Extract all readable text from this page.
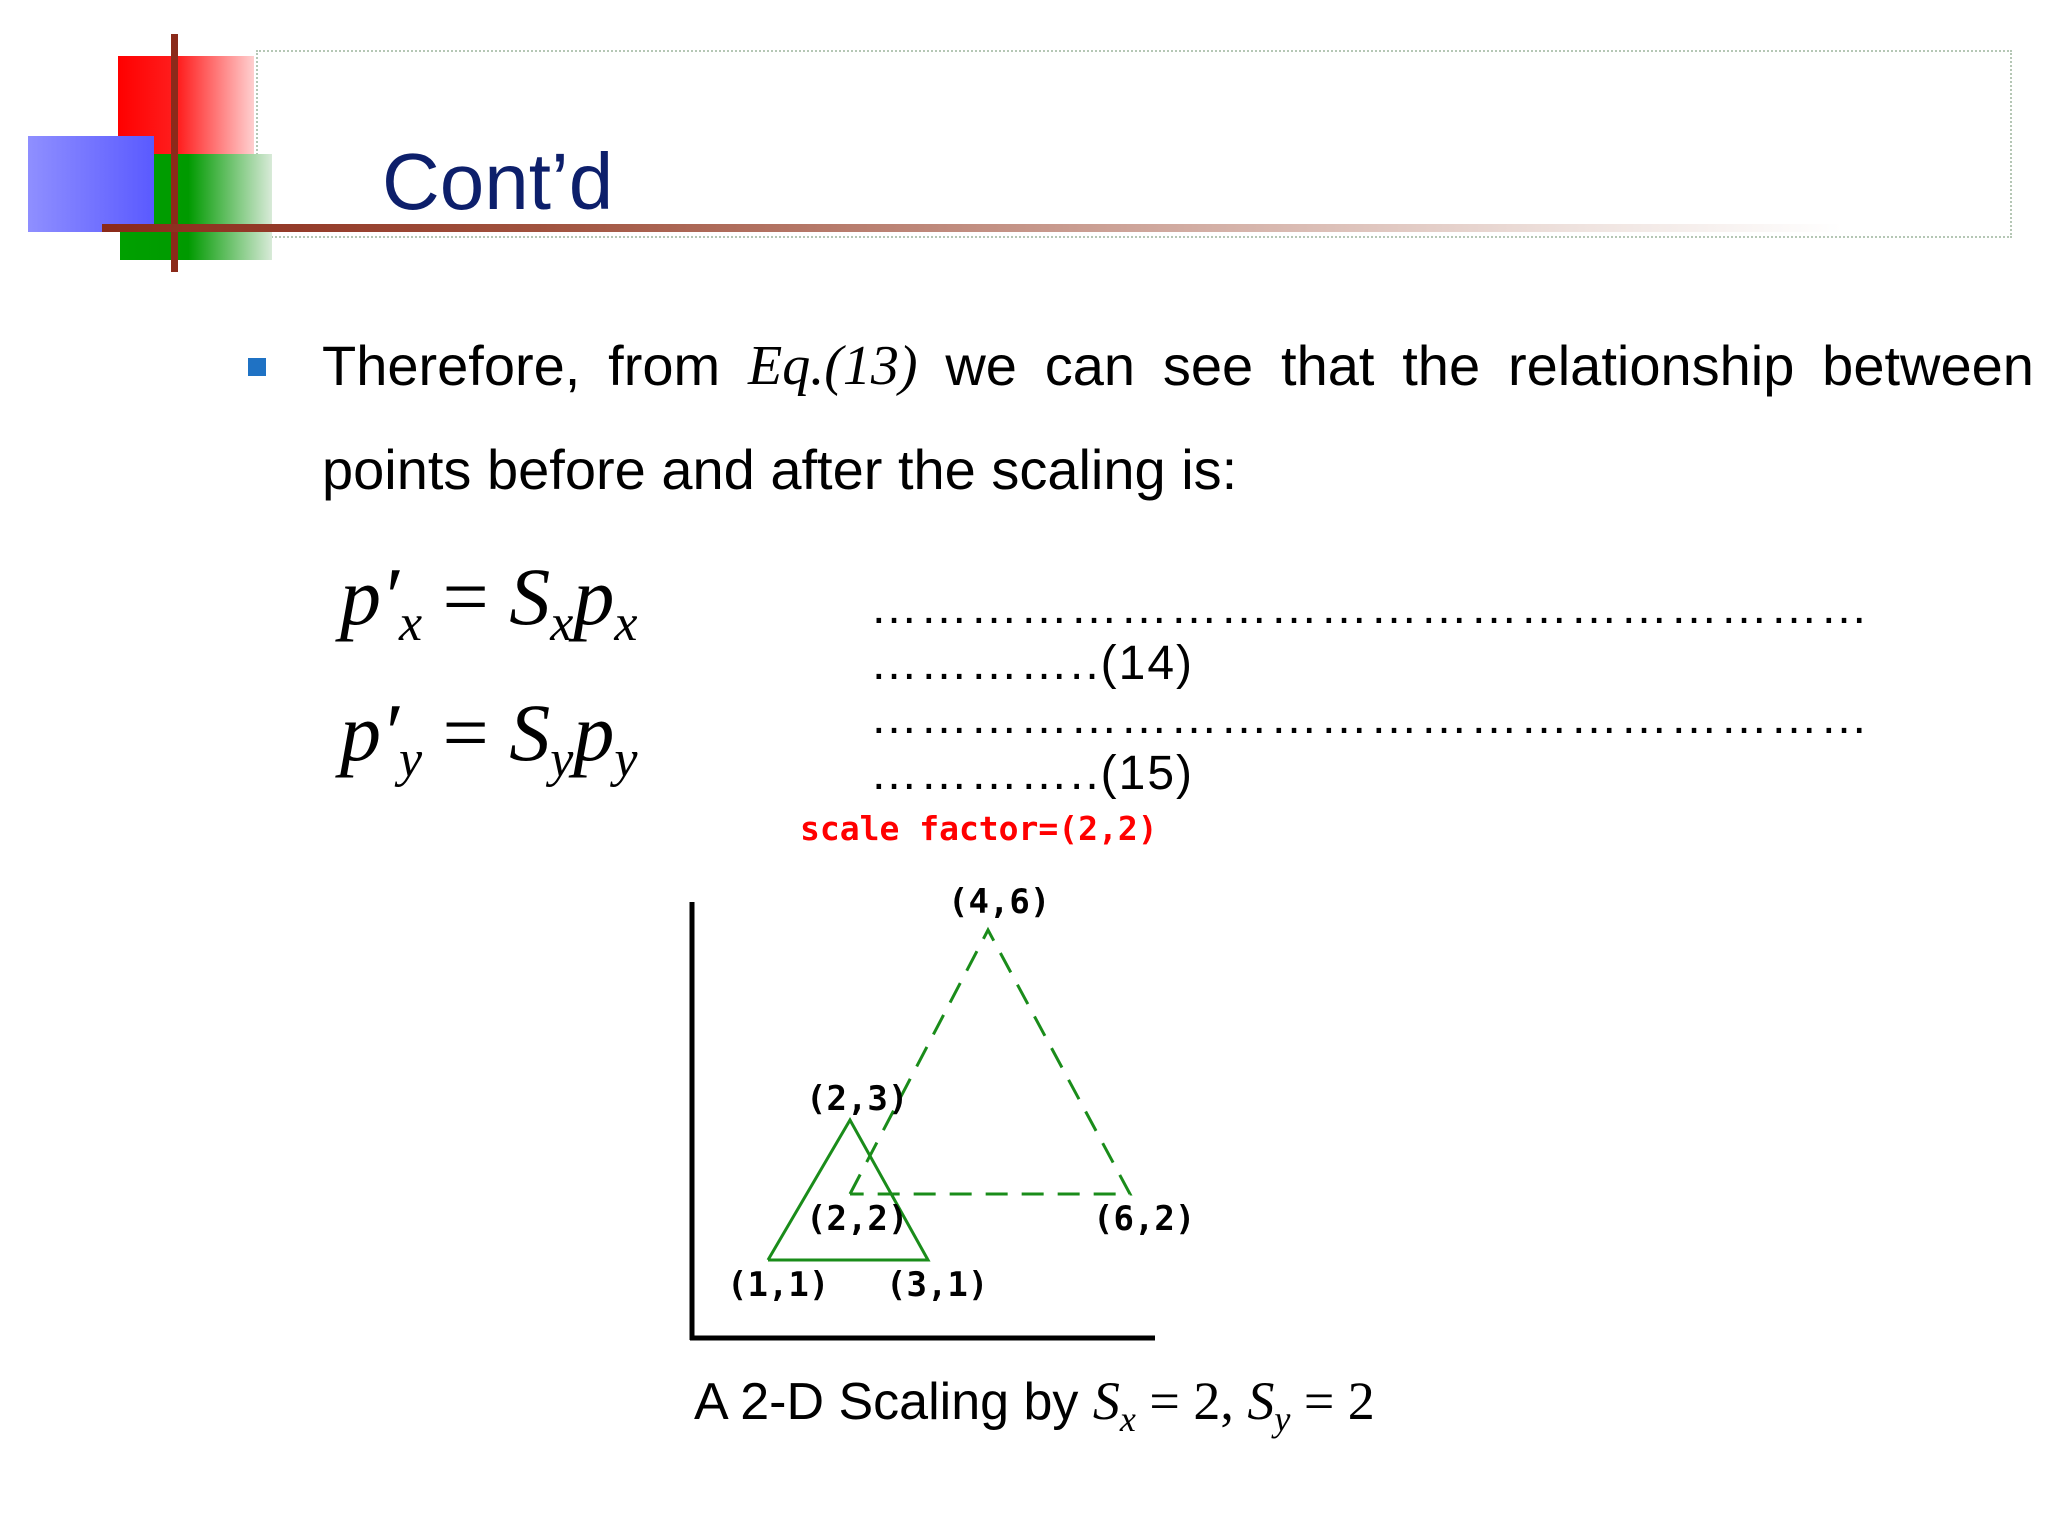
Cont’d
Therefore, from Eq.(13) we can see that the relationship between
points before and after the scaling is:
$p'_x = S_xp_x$	……………………………………………………
…………..(14)
$p'_y = S_yp_y$
……………………………………………………
…………..(15)
scale factor=(2,2)
(4,6)
(2,3)
(2,2)	(6,2)
(1,1) (3,1)
A 2-D Scaling by $S_x = 2$, $S_y = 2$
